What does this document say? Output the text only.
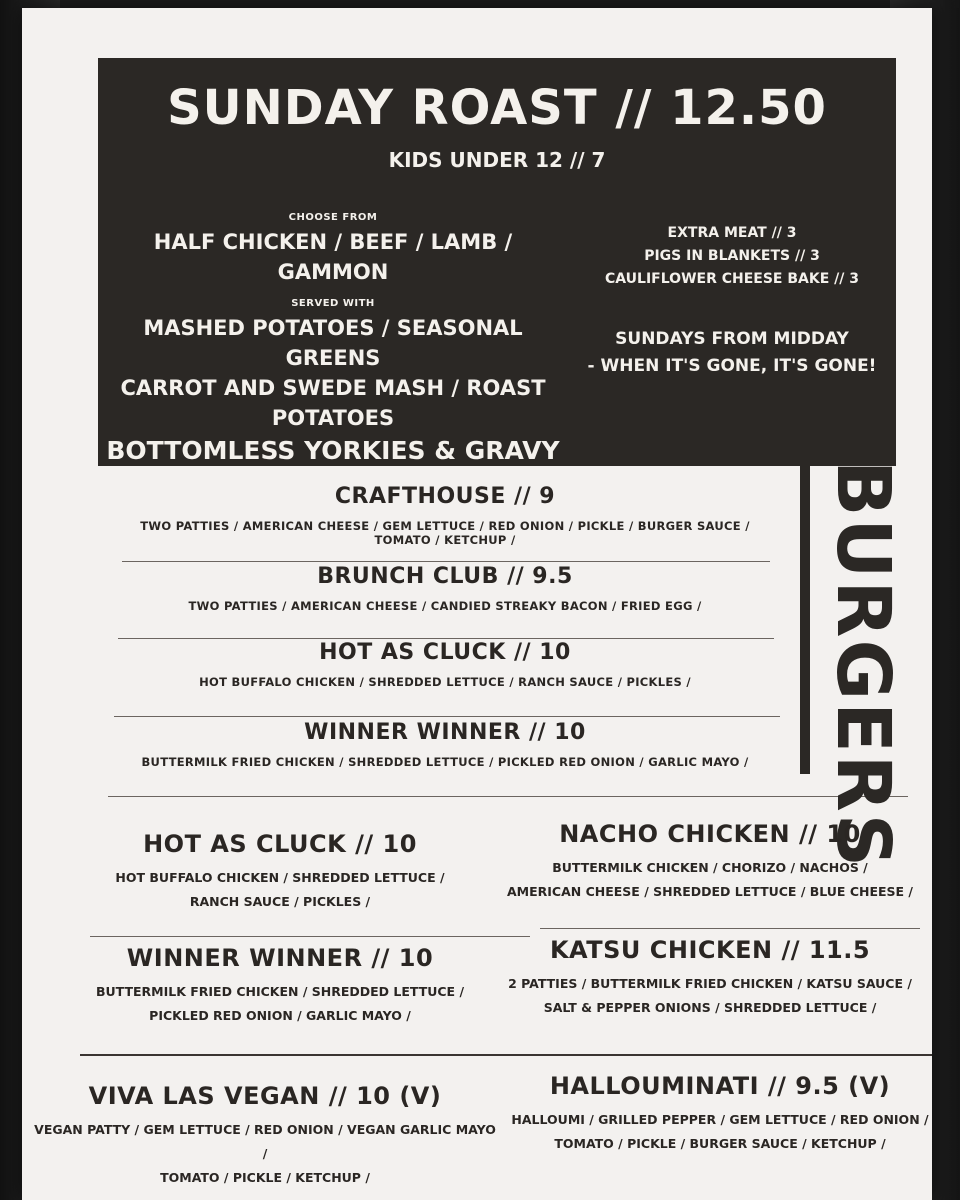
SUNDAY ROAST // 12.50
KIDS UNDER 12 // 7
CHOOSE FROM
HALF CHICKEN / BEEF / LAMB / GAMMON
SERVED WITH
MASHED POTATOES / SEASONAL GREENS
CARROT AND SWEDE MASH / ROAST POTATOES
BOTTOMLESS YORKIES & GRAVY
EXTRA MEAT // 3
PIGS IN BLANKETS // 3
CAULIFLOWER CHEESE BAKE // 3
SUNDAYS FROM MIDDAY
- WHEN IT'S GONE, IT'S GONE!
CRAFTHOUSE // 9
TWO PATTIES / AMERICAN CHEESE / GEM LETTUCE / RED ONION / PICKLE / BURGER SAUCE / TOMATO / KETCHUP /
BRUNCH CLUB // 9.5
TWO PATTIES / AMERICAN CHEESE / CANDIED STREAKY BACON / FRIED EGG /
HOT AS CLUCK // 10
HOT BUFFALO CHICKEN / SHREDDED LETTUCE / RANCH SAUCE / PICKLES /
WINNER WINNER // 10
BUTTERMILK FRIED CHICKEN / SHREDDED LETTUCE / PICKLED RED ONION / GARLIC MAYO / BURGERS
HOT AS CLUCK // 10
HOT BUFFALO CHICKEN / SHREDDED LETTUCE /
RANCH SAUCE / PICKLES /
NACHO CHICKEN // 10
BUTTERMILK CHICKEN / CHORIZO / NACHOS /
AMERICAN CHEESE / SHREDDED LETTUCE / BLUE CHEESE /
WINNER WINNER // 10
BUTTERMILK FRIED CHICKEN / SHREDDED LETTUCE /
PICKLED RED ONION / GARLIC MAYO /
KATSU CHICKEN // 11.5
2 PATTIES / BUTTERMILK FRIED CHICKEN / KATSU SAUCE /
SALT & PEPPER ONIONS / SHREDDED LETTUCE /
VIVA LAS VEGAN // 10 (V)
VEGAN PATTY / GEM LETTUCE / RED ONION / VEGAN GARLIC MAYO /
TOMATO / PICKLE / KETCHUP /
HALLOUMINATI // 9.5 (V)
HALLOUMI / GRILLED PEPPER / GEM LETTUCE / RED ONION /
TOMATO / PICKLE / BURGER SAUCE / KETCHUP /
